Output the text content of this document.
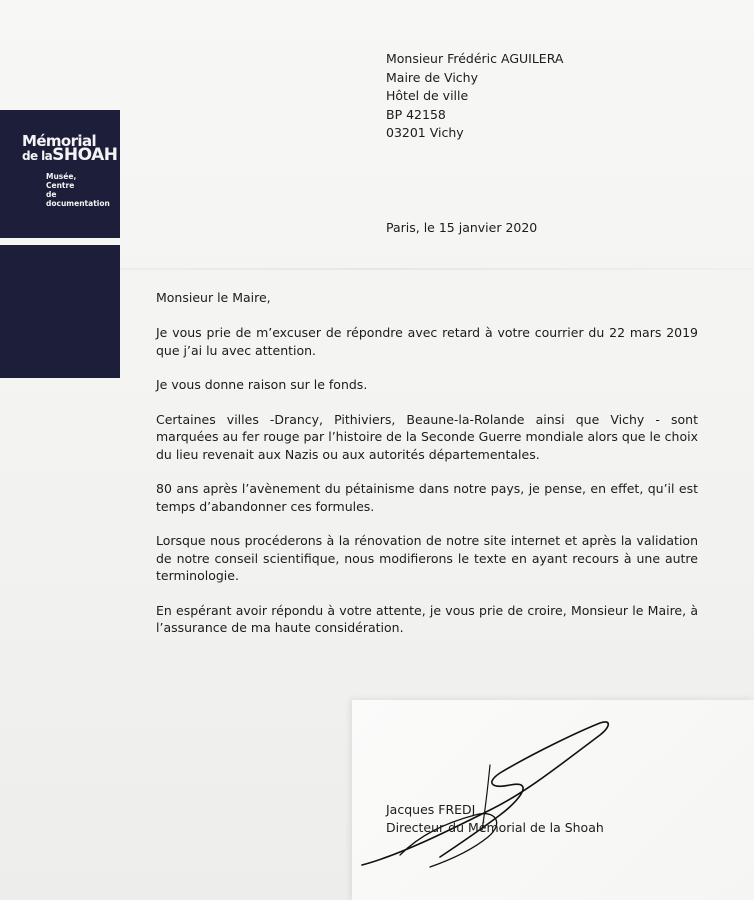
Mémorial
de laSHOAH
Musée,
Centre
de documentation
Monsieur Frédéric AGUILERA
Maire de Vichy
Hôtel de ville
BP 42158
03201 Vichy
Paris, le 15 janvier 2020
Monsieur le Maire,

Je vous prie de m’excuser de répondre avec retard à votre courrier du 22 mars 2019 que j’ai lu avec attention.

Je vous donne raison sur le fonds.

Certaines villes -Drancy, Pithiviers, Beaune-la-Rolande ainsi que Vichy - sont marquées au fer rouge par l’histoire de la Seconde Guerre mondiale alors que le choix du lieu revenait aux Nazis ou aux autorités départementales.

80 ans après l’avènement du pétainisme dans notre pays, je pense, en effet, qu’il est temps d’abandonner ces formules.

Lorsque nous procéderons à la rénovation de notre site internet et après la validation de notre conseil scientifique, nous modifierons le texte en ayant recours à une autre terminologie.

En espérant avoir répondu à votre attente, je vous prie de croire, Monsieur le Maire, à l’assurance de ma haute considération.

Jacques FREDJ
Directeur du Mémorial de la Shoah
